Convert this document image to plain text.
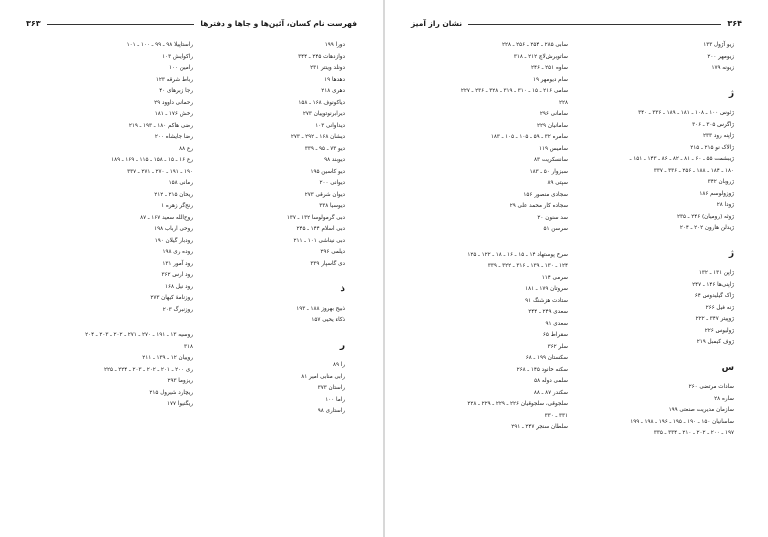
فهرست نام کسان، آئین‌ها و جاها و دفترها
۳۶۳
دورا ۱۹۹
دوازدهات ۲۴۵ ـ ۳۴۴
دونلد وینتر ۲۳۱
دهدها ۱۹
دهری ۲۱۸
دیاکونوف ۱۶۸ ـ ۱۵۸
دیرابرنوتوپيان ۲۷۳
دیداوانی ۱۰۳
دیشان ۱۶۸ ـ ۲۹۲ ـ ۲۷۳
دیو ۷۳ ـ ۹۵ ـ ۳۳۹
دیوبند ۹۸
دیو کاسین ۱۹۵
دیوانی ۲۰۰
دیوان شرقی ۲۷۳
دیوسیا ۳۳۸
دبی گرمولوسا ۱۳۲ ـ ۱۳۷
دبی اسلام ۱۴۴ ـ ۲۴۵
دبی نیناشی ۱۰۱ ـ ۲۱۱
دیلمی ۲۹۶
دی گاسپار ۳۳۹
ذ
ذبیح بهروز ۱۸۸ ـ ۱۹۳
ذکاء یحیی ۱۵۷
ر
را ۸۹
رابی منابی امیر ۸۱
راستان ۳۷۳
راما ۱۰۰
راستاری ۹۸
راستاپیلا ۹۸ ـ ۹۹ ـ ۱۰۰ ـ ۱۰۱
راکوایش ۱۰۳
رامین ۱۰۰
رباط شرقه ۱۲۳
رجا زبرهای ۴۰
رحمانی داوود ۲۹
رخش ۱۷۶ ـ ۱۸۱
رضی هاکم ۱۸۰ ـ ۱۹۳ ـ ۲۱۹
رضا جایشاه ۲۰۰
رع ۸۸
رع ۱۶ ـ ۱۵ ـ ۱۵۸ ـ ۱۱۵ ـ ۱۶۹ ـ ۱۸۹
۱۹۰ ـ ۱۹۱ ـ ۲۷۰ ـ ۲۷۱ ـ ۳۳۷
رمانی ۱۵۸
ریحان ۲۱۵ ـ ۲۱۲
رنج‌گر زهره ۱
روح‌الله سعید ۱۶۷ ـ ۸۷
روحی ارباب ۱۹۸
رودبار گیلان ۱۹۰
روده ری ۱۹۸
رود آمور ۱۳۱
رود ارس ۳۶۲
رود نیل ۱۶۸
روزنامهٔ کیهان ۲۷۳
روزنبرگ ۲۰۳
روسیه ۱۳ ـ ۱۹۱ ـ ۲۷۰ ـ ۲۷۱ ـ ۲۰۲ ـ ۲۰۳ ـ ۲۰۴
۳۱۸
روییان ۱۲ ـ ۱۳۹ ـ ۲۱۱
ری ۲۰۰ ـ ۲۰۱ ـ ۲۰۲ ـ ۲۰۳ ـ ۲۲۴ ـ ۲۲۵
ریزوما ۲۹۳
ریچارد شیرول ۲۱۵
ریگنیوا ۱۷۷
۳۶۴
نشان راز آمیز
زیو آژول ۱۳۳
زیومهر ۲۰۰
زیونه ۱۷۹
ژ
ژئوس ۱۰۰ ـ ۱۰۸ ـ ۱۸۱ ـ ۱۸۹ ـ ۳۳۶ ـ ۳۴۰
ژاگرس ۳۰۵ ـ ۳۰۶
ژاپنه رود ۲۳۳
ژالاک نو ۲۱۵ ـ ۲۱۵
ژیبشمت ۵۵ ـ ۶۰ ـ ۸۱ ـ ۸۲ ـ ۸۶ ـ ۱۴۳ ـ ۱۵۱ ـ
۱۸۰ ـ ۱۸۴ ـ ۱۸۸ ـ ۲۵۶ ـ ۳۳۶ ـ ۳۳۷
ژروبان ۳۴۲
ژوزولوسم ۱۸۶
ژودا ۲۸
ژوثه (رومیان) ۲۴۶ ـ ۲۳۵
ژیدلن هارون ۲۰۲ ـ ۲۰۴
ژ
ژاپن ۱۳۱ ـ ۱۳۲
ژاپنی‌ها ۱۴۶ ـ ۲۴۷
ژاک گیلیدوس ۶۴
ژنه فیل ۲۶۶
ژوپیتر ۳۴۷ ـ ۲۲۲
ژولیوس ۲۲۶
ژوف کیمبل ۲۱۹
س
سادات مرتضی ۲۶۰
ساره ۲۸
سازمان مدیریت صنعتی ۱۹۹
ساسانیان ۱۵۰ ـ ۱۹۰ ـ ۱۹۵ ـ ۱۹۶ ـ ۱۹۸ ـ ۱۹۹
۱۹۷ ـ ۲۰۰ ـ ۲۰۲ ـ ۲۱۰ ـ ۳۳۴ ـ ۳۳۵
سابی ۲۸۵ ـ ۲۵۴ ـ ۲۵۶ ـ ۲۲۸
ساتوبرش‌لاچ ۲۱۲ ـ ۳۱۸
ساوه ۲۵۱ ـ ۲۴۶
سام دیومهر ۱۹
سامی ۲۱۶ ـ ۱۵ ـ ۳۱۰ ـ ۳۱۹ ـ ۳۲۸ ـ ۲۳۶ ـ ۲۲۷
۲۲۸
سامانی ۲۹۶
سامانیان ۲۲۹
سامره ۳۲ ـ ۵۹ ـ ۱۰۵ ـ ۱۰۵ ـ ۱۸۳
سامیس ۱۱۹
سانسکریت ۸۳
سبزوار ۵۰ ـ ۱۸۳
سپتی ۸۹
سجادی منصور ۱۵۶
سجاده کار محمد علی ۲۹
سد سنون ۲۰
سرسن ۵۱
سرخ پوستهاد ۱۴ ـ ۱۵ ـ ۱۶ ـ ۱۸ ـ ۱۲۲ ـ ۱۲۵
۱۲۴ ـ ۱۳۰ ـ ۱۳۹ ـ ۳۱۶ ـ ۳۲۲ ـ ۳۳۹
سرمی ۱۱۴
سروتان ۱۷۹ ـ ۱۸۱
ستادت هزشنگ ۹۱
سعدی ۲۴۹ ـ ۲۴۴
سعدی ۹۱
سقراط ۶۵
سلر ۳۶۲
سکستان ۱۹۹ ـ ۶۸
سکنه خانود ۱۴۵ ـ ۲۶۸
سلمی دوله ۵۸
سکندر ۸۷ ـ ۸۸
سلجوقی، سلجوقیان ۲۲۶ ـ ۲۲۹ ـ ۲۲۹ ـ ۲۲۸
۳۳۱ ـ ۳۳۰
سلطان سنجر ۲۴۷ ـ ۲۹۱
